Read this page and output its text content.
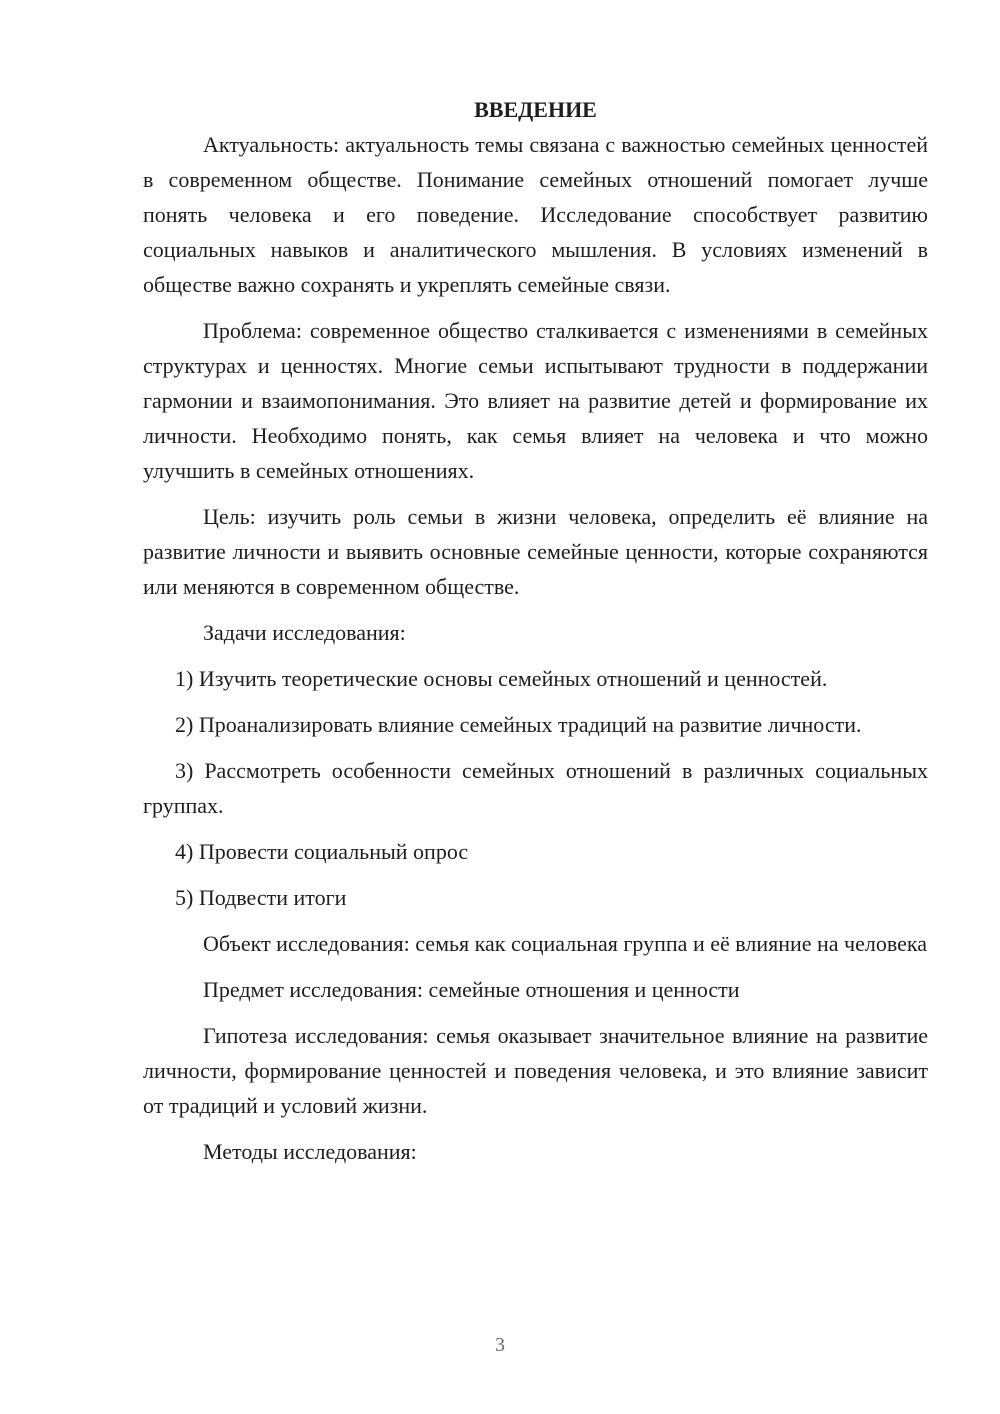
ВВЕДЕНИЕ

Актуальность: актуальность темы связана с важностью семейных ценностей в современном обществе. Понимание семейных отношений помогает лучше понять человека и его поведение. Исследование способствует развитию социальных навыков и аналитического мышления. В условиях изменений в обществе важно сохранять и укреплять семейные связи.

Проблема: современное общество сталкивается с изменениями в семейных структурах и ценностях. Многие семьи испытывают трудности в поддержании гармонии и взаимопонимания. Это влияет на развитие детей и формирование их личности. Необходимо понять, как семья влияет на человека и что можно улучшить в семейных отношениях.

Цель: изучить роль семьи в жизни человека, определить её влияние на развитие личности и выявить основные семейные ценности, которые сохраняются или меняются в современном обществе.

Задачи исследования:

1) Изучить теоретические основы семейных отношений и ценностей.

2) Проанализировать влияние семейных традиций на развитие личности.

3) Рассмотреть особенности семейных отношений в различных социальных группах.

4) Провести социальный опрос

5) Подвести итоги

Объект исследования: семья как социальная группа и её влияние на человека

Предмет исследования: семейные отношения и ценности

Гипотеза исследования: семья оказывает значительное влияние на развитие личности, формирование ценностей и поведения человека, и это влияние зависит от традиций и условий жизни.

Методы исследования:

3
